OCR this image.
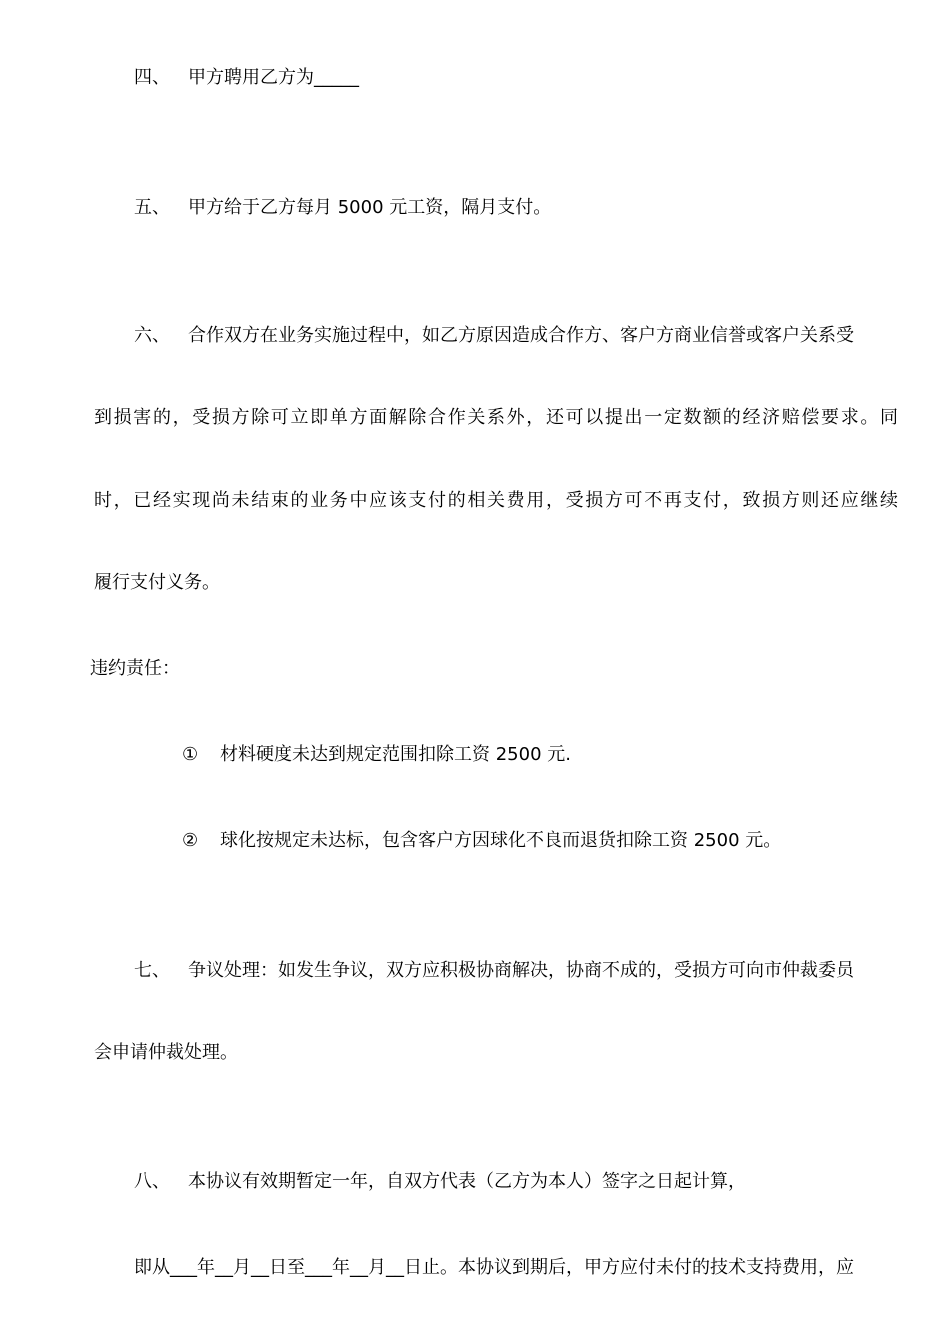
四、 甲方聘用乙方为_____
五、 甲方给于乙方每月 5000 元工资，隔月支付。
六、 合作双方在业务实施过程中，如乙方原因造成合作方、客户方商业信誉或客户关系受
到损害的，受损方除可立即单方面解除合作关系外，还可以提出一定数额的经济赔偿要求。同
时，已经实现尚未结束的业务中应该支付的相关费用，受损方可不再支付，致损方则还应继续
履行支付义务。
违约责任：
① 材料硬度未达到规定范围扣除工资 2500 元.
② 球化按规定未达标，包含客户方因球化不良而退货扣除工资 2500 元。
七、 争议处理：如发生争议，双方应积极协商解决，协商不成的，受损方可向市仲裁委员
会申请仲裁处理。
八、 本协议有效期暂定一年，自双方代表（乙方为本人）签字之日起计算，
即从___年__月__日至___年__月__日止。本协议到期后，甲方应付未付的技术支持费用，应
